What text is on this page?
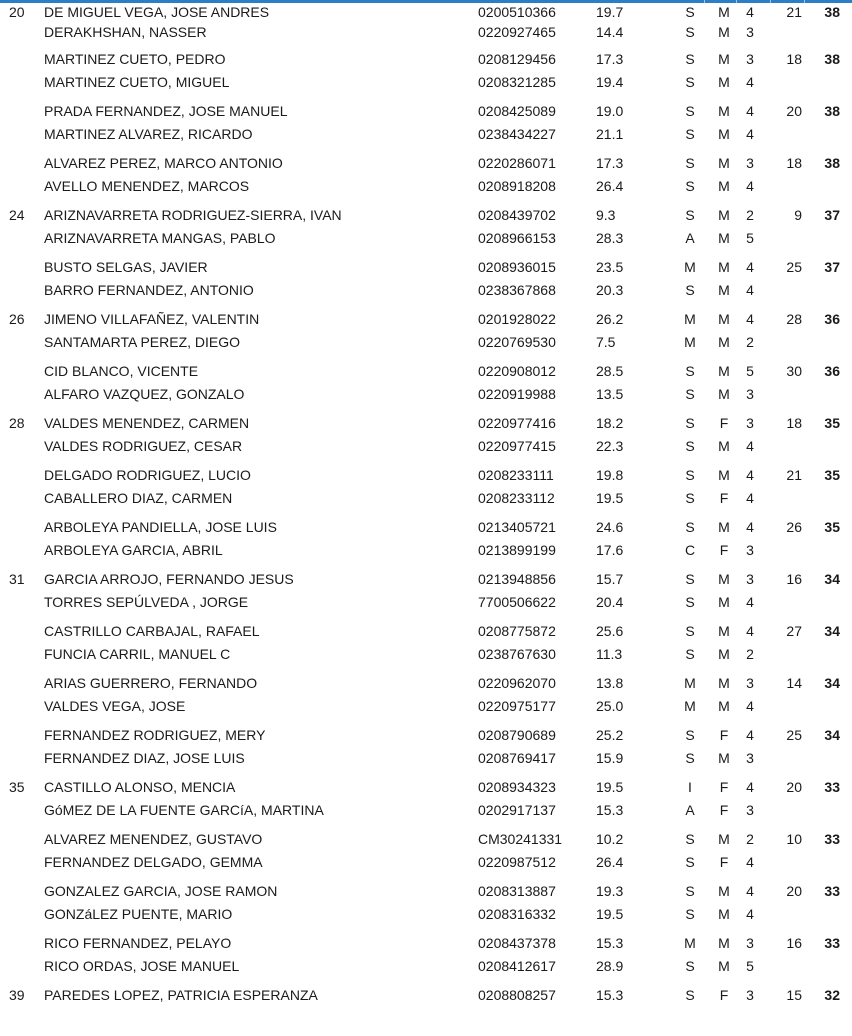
20	DE MIGUEL VEGA, JOSE ANDRES	0200510366	19.7	S	M	4	21	38
DERAKHSHAN, NASSER	0220927465	14.4	S	M	3
MARTINEZ CUETO, PEDRO	0208129456	17.3	S	M	3	18	38
MARTINEZ CUETO, MIGUEL	0208321285	19.4	S	M	4
PRADA FERNANDEZ, JOSE MANUEL	0208425089	19.0	S	M	4	20	38
MARTINEZ ALVAREZ, RICARDO	0238434227	21.1	S	M	4
ALVAREZ PEREZ, MARCO ANTONIO	0220286071	17.3	S	M	3	18	38
AVELLO MENENDEZ, MARCOS	0208918208	26.4	S	M	4
24	ARIZNAVARRETA RODRIGUEZ-SIERRA, IVAN	0208439702	9.3	S	M	2	9	37
ARIZNAVARRETA MANGAS, PABLO	0208966153	28.3	A	M	5
BUSTO SELGAS, JAVIER	0208936015	23.5	M	M	4	25	37
BARRO FERNANDEZ, ANTONIO	0238367868	20.3	S	M	4
26	JIMENO VILLAFAÑEZ, VALENTIN	0201928022	26.2	M	M	4	28	36
SANTAMARTA PEREZ, DIEGO	0220769530	7.5	M	M	2
CID BLANCO, VICENTE	0220908012	28.5	S	M	5	30	36
ALFARO VAZQUEZ, GONZALO	0220919988	13.5	S	M	3
28	VALDES MENENDEZ, CARMEN	0220977416	18.2	S	F	3	18	35
VALDES RODRIGUEZ, CESAR	0220977415	22.3	S	M	4
DELGADO RODRIGUEZ, LUCIO	0208233111	19.8	S	M	4	21	35
CABALLERO DIAZ, CARMEN	0208233112	19.5	S	F	4
ARBOLEYA PANDIELLA, JOSE LUIS	0213405721	24.6	S	M	4	26	35
ARBOLEYA GARCIA, ABRIL	0213899199	17.6	C	F	3
31	GARCIA ARROJO, FERNANDO JESUS	0213948856	15.7	S	M	3	16	34
TORRES SEPÚLVEDA , JORGE	7700506622	20.4	S	M	4
CASTRILLO CARBAJAL, RAFAEL	0208775872	25.6	S	M	4	27	34
FUNCIA CARRIL, MANUEL C	0238767630	11.3	S	M	2
ARIAS GUERRERO, FERNANDO	0220962070	13.8	M	M	3	14	34
VALDES VEGA, JOSE	0220975177	25.0	M	M	4
FERNANDEZ RODRIGUEZ, MERY	0208790689	25.2	S	F	4	25	34
FERNANDEZ DIAZ, JOSE LUIS	0208769417	15.9	S	M	3
35	CASTILLO ALONSO, MENCIA	0208934323	19.5	I	F	4	20	33
GóMEZ DE LA FUENTE GARCíA, MARTINA	0202917137	15.3	A	F	3
ALVAREZ MENENDEZ, GUSTAVO	CM30241331	10.2	S	M	2	10	33
FERNANDEZ DELGADO, GEMMA	0220987512	26.4	S	F	4
GONZALEZ GARCIA, JOSE RAMON	0208313887	19.3	S	M	4	20	33
GONZáLEZ PUENTE, MARIO	0208316332	19.5	S	M	4
RICO FERNANDEZ, PELAYO	0208437378	15.3	M	M	3	16	33
RICO ORDAS, JOSE MANUEL	0208412617	28.9	S	M	5
39	PAREDES LOPEZ, PATRICIA ESPERANZA	0208808257	15.3	S	F	3	15	32
